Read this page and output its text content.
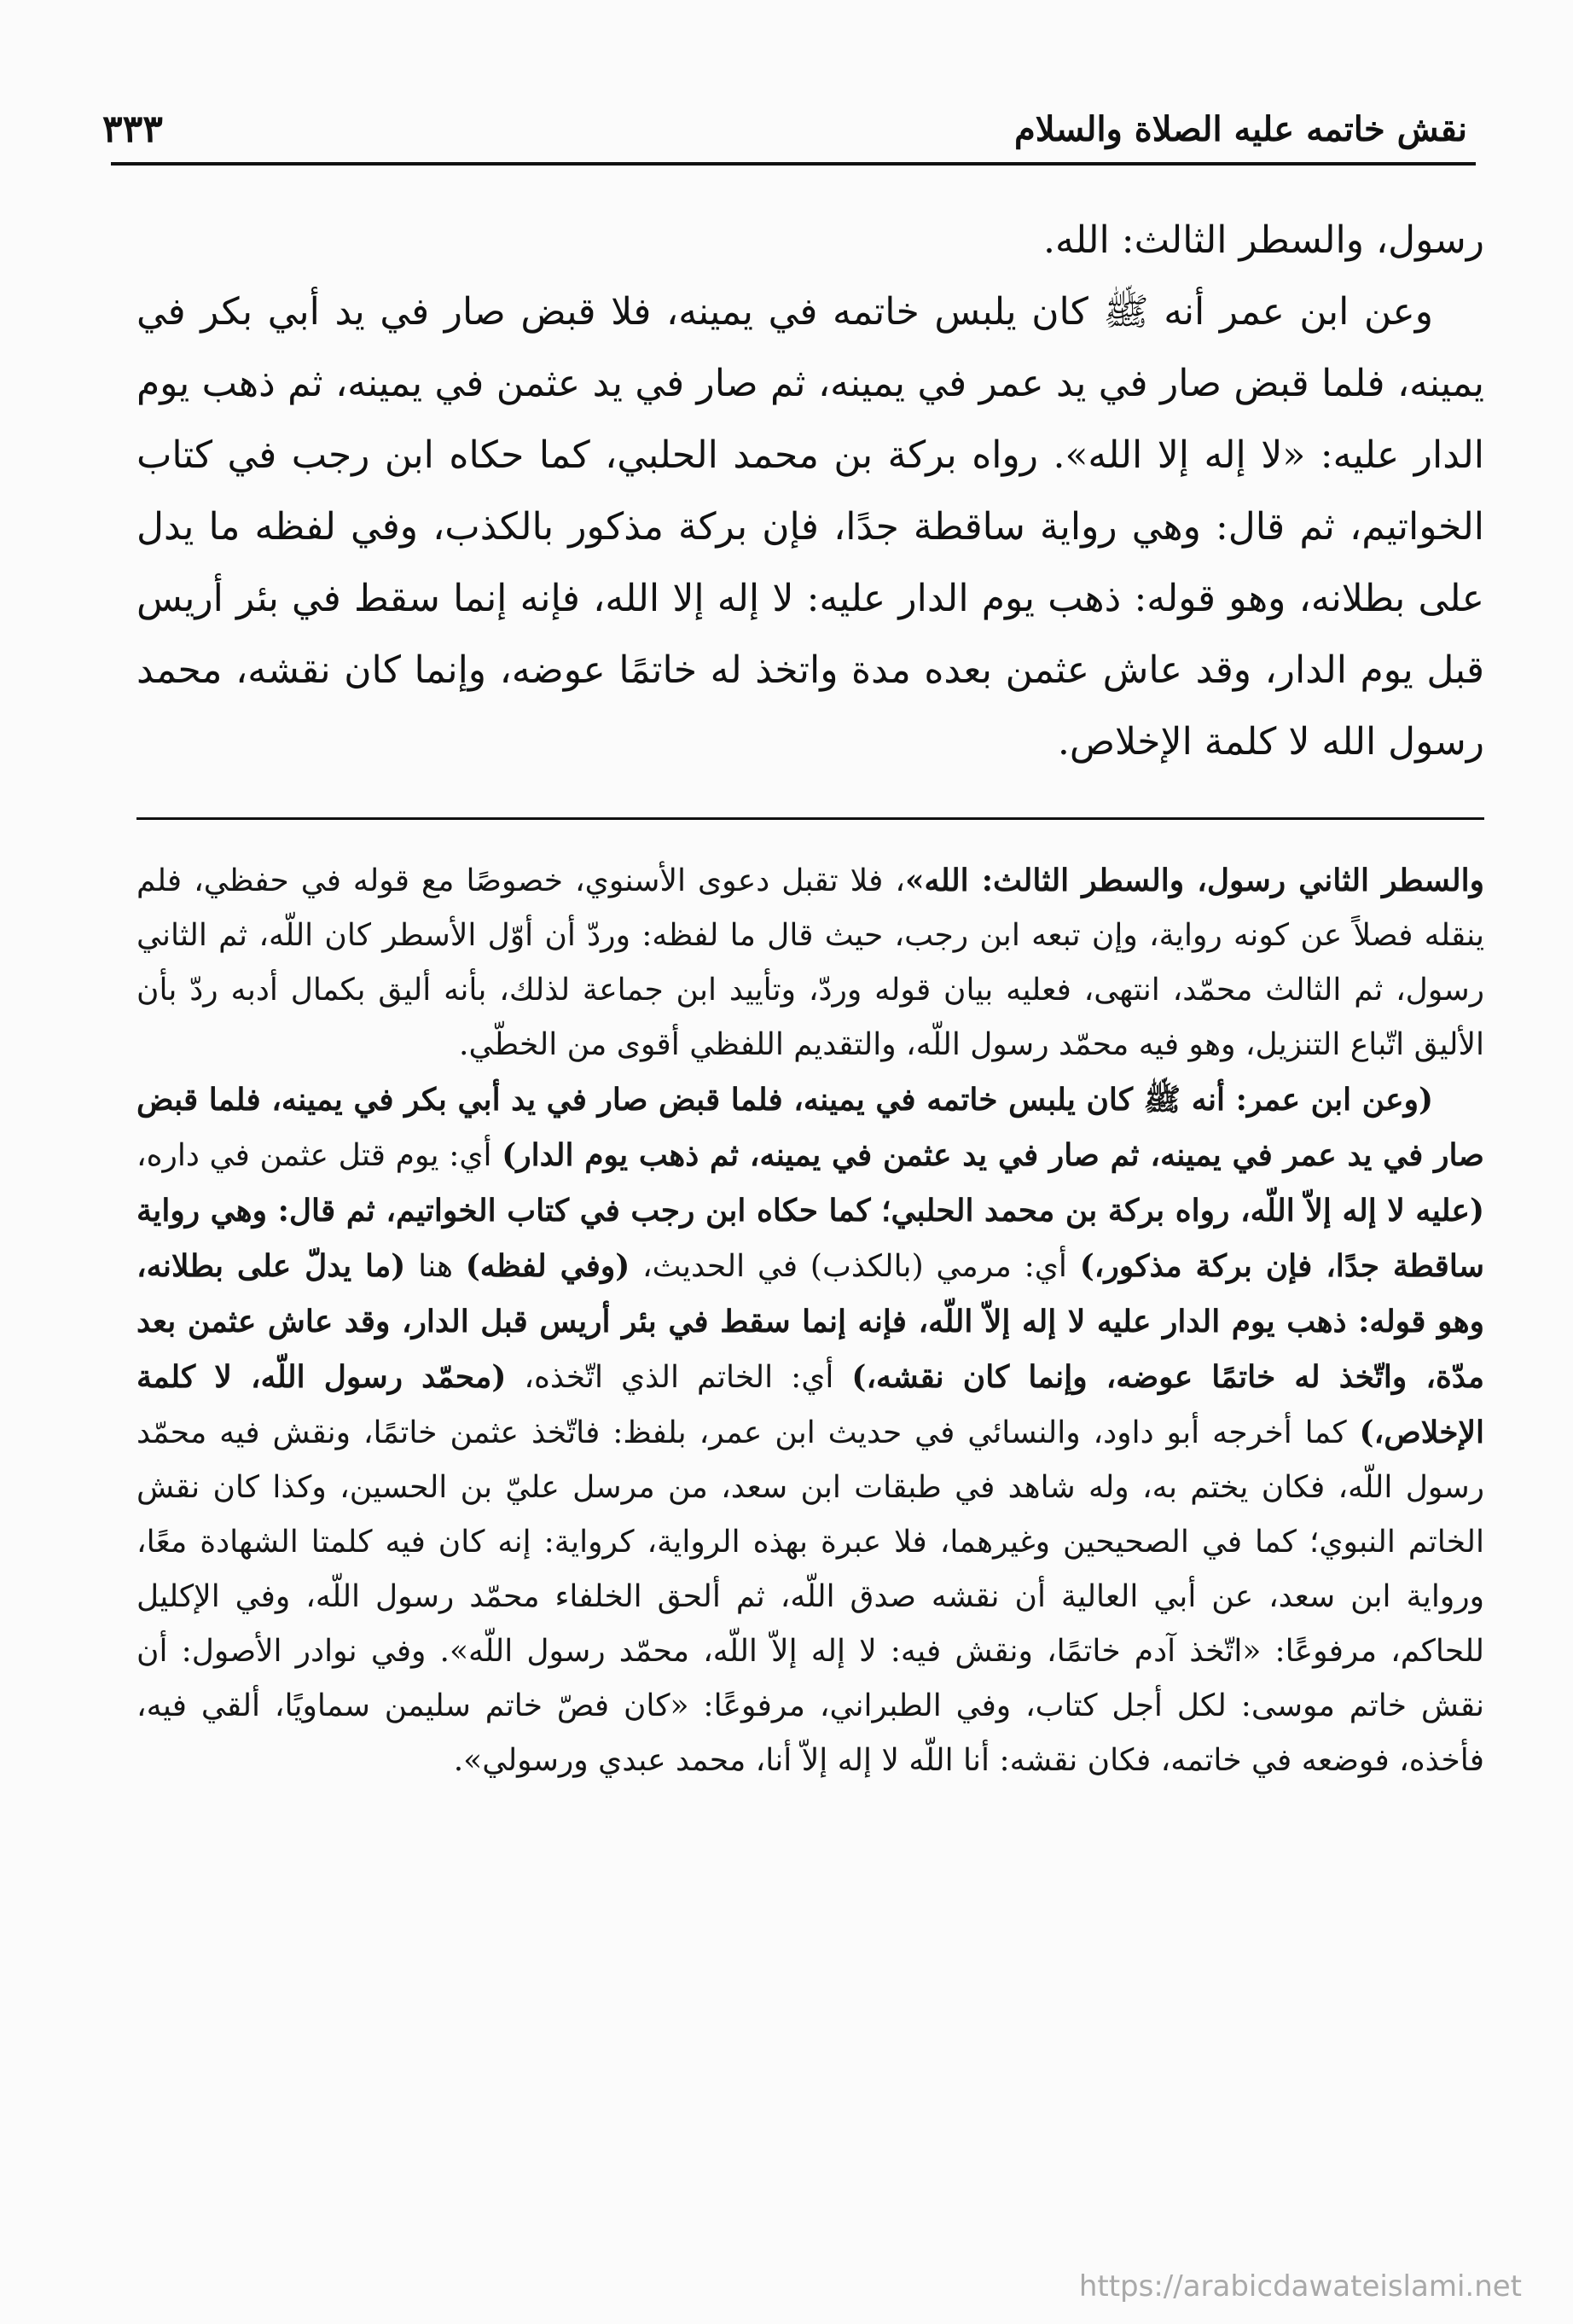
نقش خاتمه عليه الصلاة والسلام
٣٣٣

رسول، والسطر الثالث: الله.

وعن ابن عمر أنه ﷺ كان يلبس خاتمه في يمينه، فلا قبض صار في يد أبي بكر في يمينه، فلما قبض صار في يد عمر في يمينه، ثم صار في يد عثمن في يمينه، ثم ذهب يوم الدار عليه: «لا إله إلا الله». رواه بركة بن محمد الحلبي، كما حكاه ابن رجب في كتاب الخواتيم، ثم قال: وهي رواية ساقطة جدًا، فإن بركة مذكور بالكذب، وفي لفظه ما يدل على بطلانه، وهو قوله: ذهب يوم الدار عليه: لا إله إلا الله، فإنه إنما سقط في بئر أريس قبل يوم الدار، وقد عاش عثمن بعده مدة واتخذ له خاتمًا عوضه، وإنما كان نقشه، محمد رسول الله لا كلمة الإخلاص.

والسطر الثاني رسول، والسطر الثالث: الله»، فلا تقبل دعوى الأسنوي، خصوصًا مع قوله في حفظي، فلم ينقله فصلاً عن كونه رواية، وإن تبعه ابن رجب، حيث قال ما لفظه: وردّ أن أوّل الأسطر كان اللّه، ثم الثاني رسول، ثم الثالث محمّد، انتهى، فعليه بيان قوله وردّ، وتأييد ابن جماعة لذلك، بأنه أليق بكمال أدبه ردّ بأن الأليق اتّباع التنزيل، وهو فيه محمّد رسول اللّه، والتقديم اللفظي أقوى من الخطّي.

(وعن ابن عمر: أنه ﷺ كان يلبس خاتمه في يمينه، فلما قبض صار في يد أبي بكر في يمينه، فلما قبض صار في يد عمر في يمينه، ثم صار في يد عثمن في يمينه، ثم ذهب يوم الدار) أي: يوم قتل عثمن في داره، (عليه لا إله إلاّ اللّه، رواه بركة بن محمد الحلبي؛ كما حكاه ابن رجب في كتاب الخواتيم، ثم قال: وهي رواية ساقطة جدًا، فإن بركة مذكور،) أي: مرمي (بالكذب) في الحديث، (وفي لفظه) هنا (ما يدلّ على بطلانه، وهو قوله: ذهب يوم الدار عليه لا إله إلاّ اللّه، فإنه إنما سقط في بئر أريس قبل الدار، وقد عاش عثمن بعد مدّة، واتّخذ له خاتمًا عوضه، وإنما كان نقشه،) أي: الخاتم الذي اتّخذه، (محمّد رسول اللّه، لا كلمة الإخلاص،) كما أخرجه أبو داود، والنسائي في حديث ابن عمر، بلفظ: فاتّخذ عثمن خاتمًا، ونقش فيه محمّد رسول اللّه، فكان يختم به، وله شاهد في طبقات ابن سعد، من مرسل عليّ بن الحسين، وكذا كان نقش الخاتم النبوي؛ كما في الصحيحين وغيرهما، فلا عبرة بهذه الرواية، كرواية: إنه كان فيه كلمتا الشهادة معًا، ورواية ابن سعد، عن أبي العالية أن نقشه صدق اللّه، ثم ألحق الخلفاء محمّد رسول اللّه، وفي الإكليل للحاكم، مرفوعًا: «اتّخذ آدم خاتمًا، ونقش فيه: لا إله إلاّ اللّه، محمّد رسول اللّه». وفي نوادر الأصول: أن نقش خاتم موسى: لكل أجل كتاب، وفي الطبراني، مرفوعًا: «كان فصّ خاتم سليمن سماويًا، ألقي فيه، فأخذه، فوضعه في خاتمه، فكان نقشه: أنا اللّه لا إله إلاّ أنا، محمد عبدي ورسولي».

https://arabicdawateislami.net
